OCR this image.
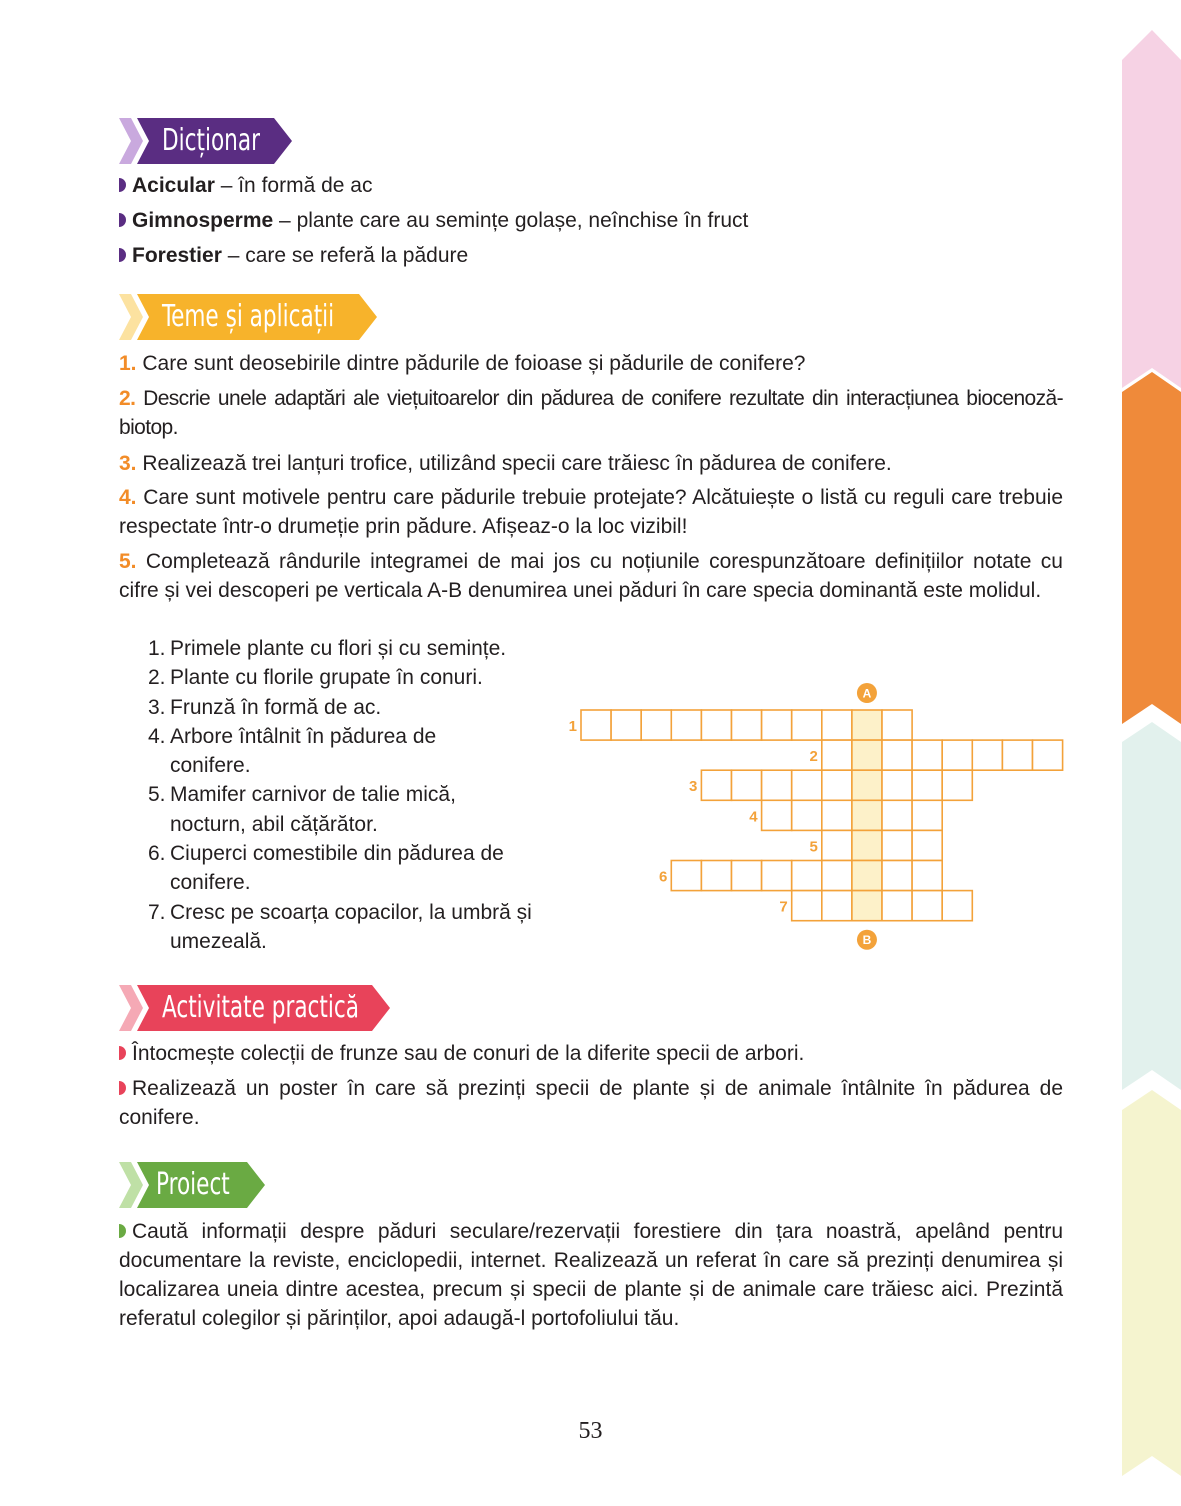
Dicționar
Acicular – în formă de ac
Gimnosperme – plante care au semințe golașe, neînchise în fruct
Forestier – care se referă la pădure
Teme și aplicații
1. Care sunt deosebirile dintre pădurile de foioase și pădurile de conifere?
2. Descrie unele adaptări ale viețuitoarelor din pădurea de conifere rezultate din interacțiunea biocenoză-biotop.
3. Realizează trei lanțuri trofice, utilizând specii care trăiesc în pădurea de conifere.
4. Care sunt motivele pentru care pădurile trebuie protejate? Alcătuiește o listă cu reguli care trebuie respectate într-o drumeție prin pădure. Afișeaz-o la loc vizibil!
5. Completează rândurile integramei de mai jos cu noțiunile corespunzătoare definițiilor notate cu cifre și vei descoperi pe verticala A-B denumirea unei păduri în care specia dominantă este molidul.
1. Primele plante cu flori și cu semințe.
2. Plante cu florile grupate în conuri.
3. Frunză în formă de ac.
4. Arbore întâlnit în pădurea de conifere.
5. Mamifer carnivor de talie mică, nocturn, abil cățărător.
6. Ciuperci comestibile din pădurea de conifere.
7. Cresc pe scoarța copacilor, la umbră și umezeală.
1
2
3
4
5
6
7
A
B
Activitate practică
Întocmește colecții de frunze sau de conuri de la diferite specii de arbori.
Realizează un poster în care să prezinți specii de plante și de animale întâlnite în pădurea de conifere.
Proiect
Caută informații despre păduri seculare/rezervații forestiere din țara noastră, apelând pentru documentare la reviste, enciclopedii, internet. Realizează un referat în care să prezinți denumirea și localizarea uneia dintre acestea, precum și specii de plante și de animale care trăiesc aici. Prezintă referatul colegilor și părinților, apoi adaugă-l portofoliului tău.
53
